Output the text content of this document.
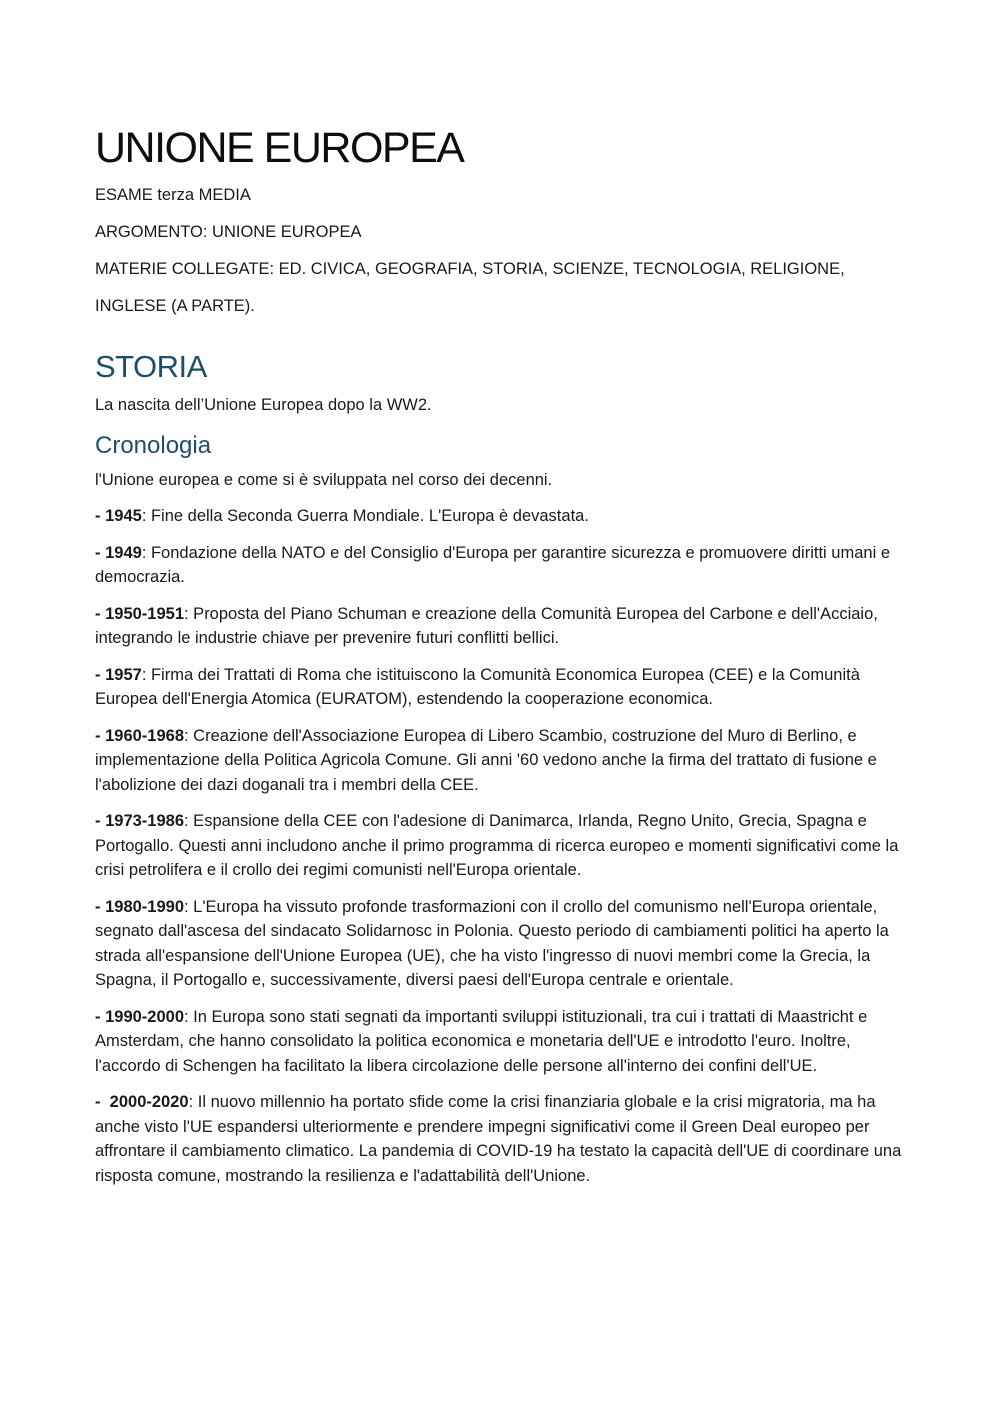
UNIONE EUROPEA

ESAME terza MEDIA

ARGOMENTO: UNIONE EUROPEA

MATERIE COLLEGATE: ED. CIVICA, GEOGRAFIA, STORIA, SCIENZE, TECNOLOGIA, RELIGIONE,

INGLESE (A PARTE).

STORIA

La nascita dell’Unione Europea dopo la WW2.

Cronologia

l'Unione europea e come si è sviluppata nel corso dei decenni.

- 1945: Fine della Seconda Guerra Mondiale. L'Europa è devastata.

- 1949: Fondazione della NATO e del Consiglio d'Europa per garantire sicurezza e promuovere diritti umani e democrazia.

- 1950-1951: Proposta del Piano Schuman e creazione della Comunità Europea del Carbone e dell'Acciaio, integrando le industrie chiave per prevenire futuri conflitti bellici.

- 1957: Firma dei Trattati di Roma che istituiscono la Comunità Economica Europea (CEE) e la Comunità Europea dell'Energia Atomica (EURATOM), estendendo la cooperazione economica.

- 1960-1968: Creazione dell'Associazione Europea di Libero Scambio, costruzione del Muro di Berlino, e implementazione della Politica Agricola Comune. Gli anni '60 vedono anche la firma del trattato di fusione e l'abolizione dei dazi doganali tra i membri della CEE.

- 1973-1986: Espansione della CEE con l'adesione di Danimarca, Irlanda, Regno Unito, Grecia, Spagna e Portogallo. Questi anni includono anche il primo programma di ricerca europeo e momenti significativi come la crisi petrolifera e il crollo dei regimi comunisti nell'Europa orientale.

- 1980-1990: L'Europa ha vissuto profonde trasformazioni con il crollo del comunismo nell'Europa orientale, segnato dall'ascesa del sindacato Solidarnosc in Polonia. Questo periodo di cambiamenti politici ha aperto la strada all'espansione dell'Unione Europea (UE), che ha visto l'ingresso di nuovi membri come la Grecia, la Spagna, il Portogallo e, successivamente, diversi paesi dell'Europa centrale e orientale.

- 1990-2000: In Europa sono stati segnati da importanti sviluppi istituzionali, tra cui i trattati di Maastricht e Amsterdam, che hanno consolidato la politica economica e monetaria dell'UE e introdotto l'euro. Inoltre, l'accordo di Schengen ha facilitato la libera circolazione delle persone all'interno dei confini dell'UE.

-  2000-2020: Il nuovo millennio ha portato sfide come la crisi finanziaria globale e la crisi migratoria, ma ha anche visto l'UE espandersi ulteriormente e prendere impegni significativi come il Green Deal europeo per affrontare il cambiamento climatico. La pandemia di COVID-19 ha testato la capacità dell'UE di coordinare una risposta comune, mostrando la resilienza e l'adattabilità dell'Unione.
